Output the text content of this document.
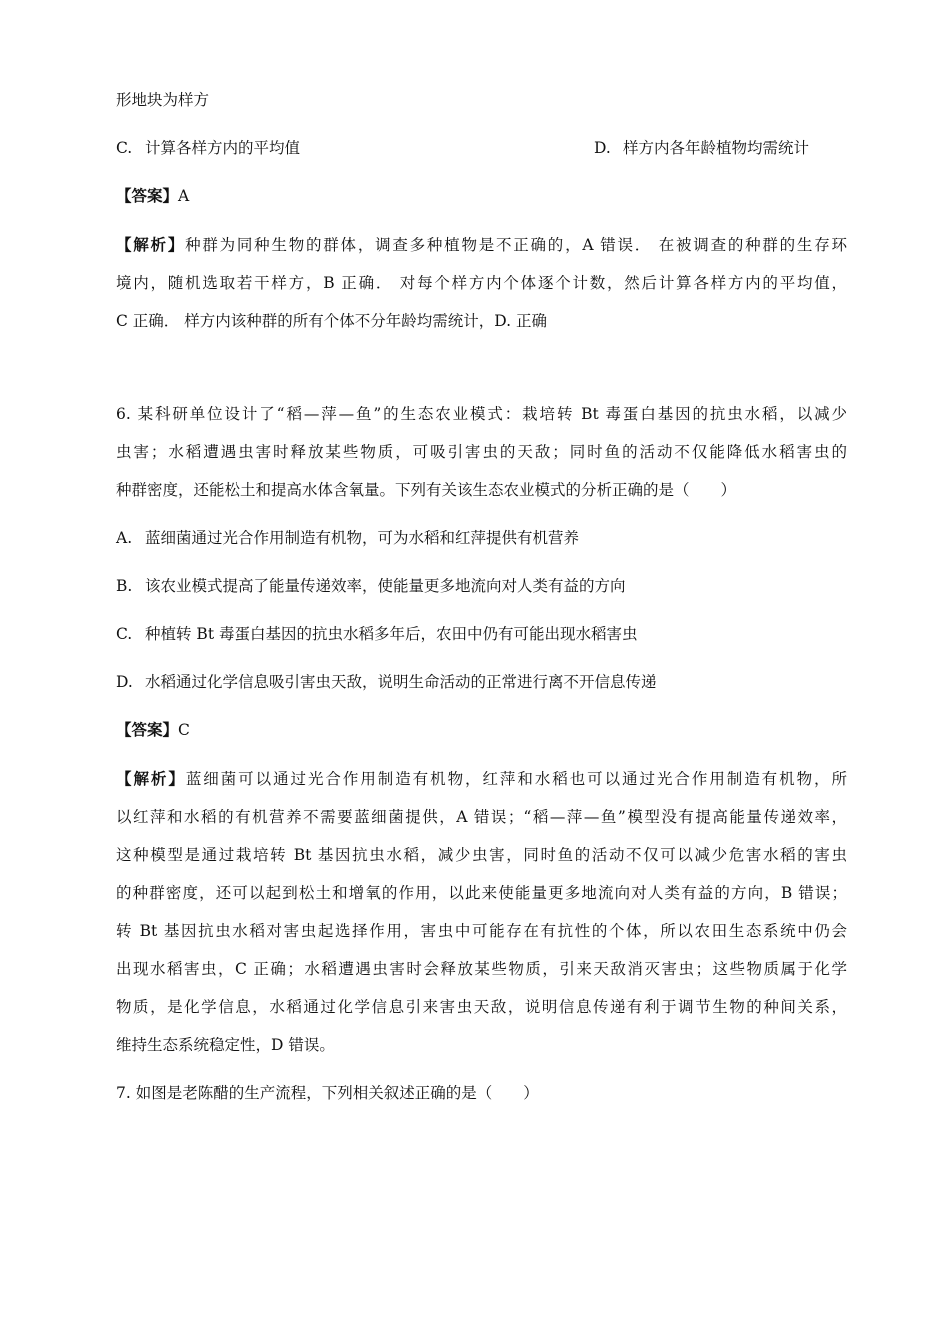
形地块为样方
C. 计算各样方内的平均值	D. 样方内各年龄植物均需统计
【答案】A
【解析】种群为同种生物的群体，调查多种植物是不正确的，A 错误． 在被调查的种群的生存环
境内，随机选取若干样方，B 正确． 对每个样方内个体逐个计数，然后计算各样方内的平均值，
C 正确． 样方内该种群的所有个体不分年龄均需统计，D. 正确
6. 某科研单位设计了“稻—萍—鱼”的生态农业模式：栽培转 Bt 毒蛋白基因的抗虫水稻，以减少
虫害；水稻遭遇虫害时释放某些物质，可吸引害虫的天敌；同时鱼的活动不仅能降低水稻害虫的
种群密度，还能松土和提高水体含氧量。下列有关该生态农业模式的分析正确的是（　　）
A. 蓝细菌通过光合作用制造有机物，可为水稻和红萍提供有机营养
B. 该农业模式提高了能量传递效率，使能量更多地流向对人类有益的方向
C. 种植转 Bt 毒蛋白基因的抗虫水稻多年后，农田中仍有可能出现水稻害虫
D. 水稻通过化学信息吸引害虫天敌，说明生命活动的正常进行离不开信息传递
【答案】C
【解析】蓝细菌可以通过光合作用制造有机物，红萍和水稻也可以通过光合作用制造有机物，所
以红萍和水稻的有机营养不需要蓝细菌提供，A 错误；“稻—萍—鱼”模型没有提高能量传递效率，
这种模型是通过栽培转 Bt 基因抗虫水稻，减少虫害，同时鱼的活动不仅可以减少危害水稻的害虫
的种群密度，还可以起到松土和增氧的作用，以此来使能量更多地流向对人类有益的方向，B 错误；
转 Bt 基因抗虫水稻对害虫起选择作用，害虫中可能存在有抗性的个体，所以农田生态系统中仍会
出现水稻害虫，C 正确；水稻遭遇虫害时会释放某些物质，引来天敌消灭害虫；这些物质属于化学
物质，是化学信息，水稻通过化学信息引来害虫天敌，说明信息传递有利于调节生物的种间关系，
维持生态系统稳定性，D 错误。
7. 如图是老陈醋的生产流程，下列相关叙述正确的是（　　）
